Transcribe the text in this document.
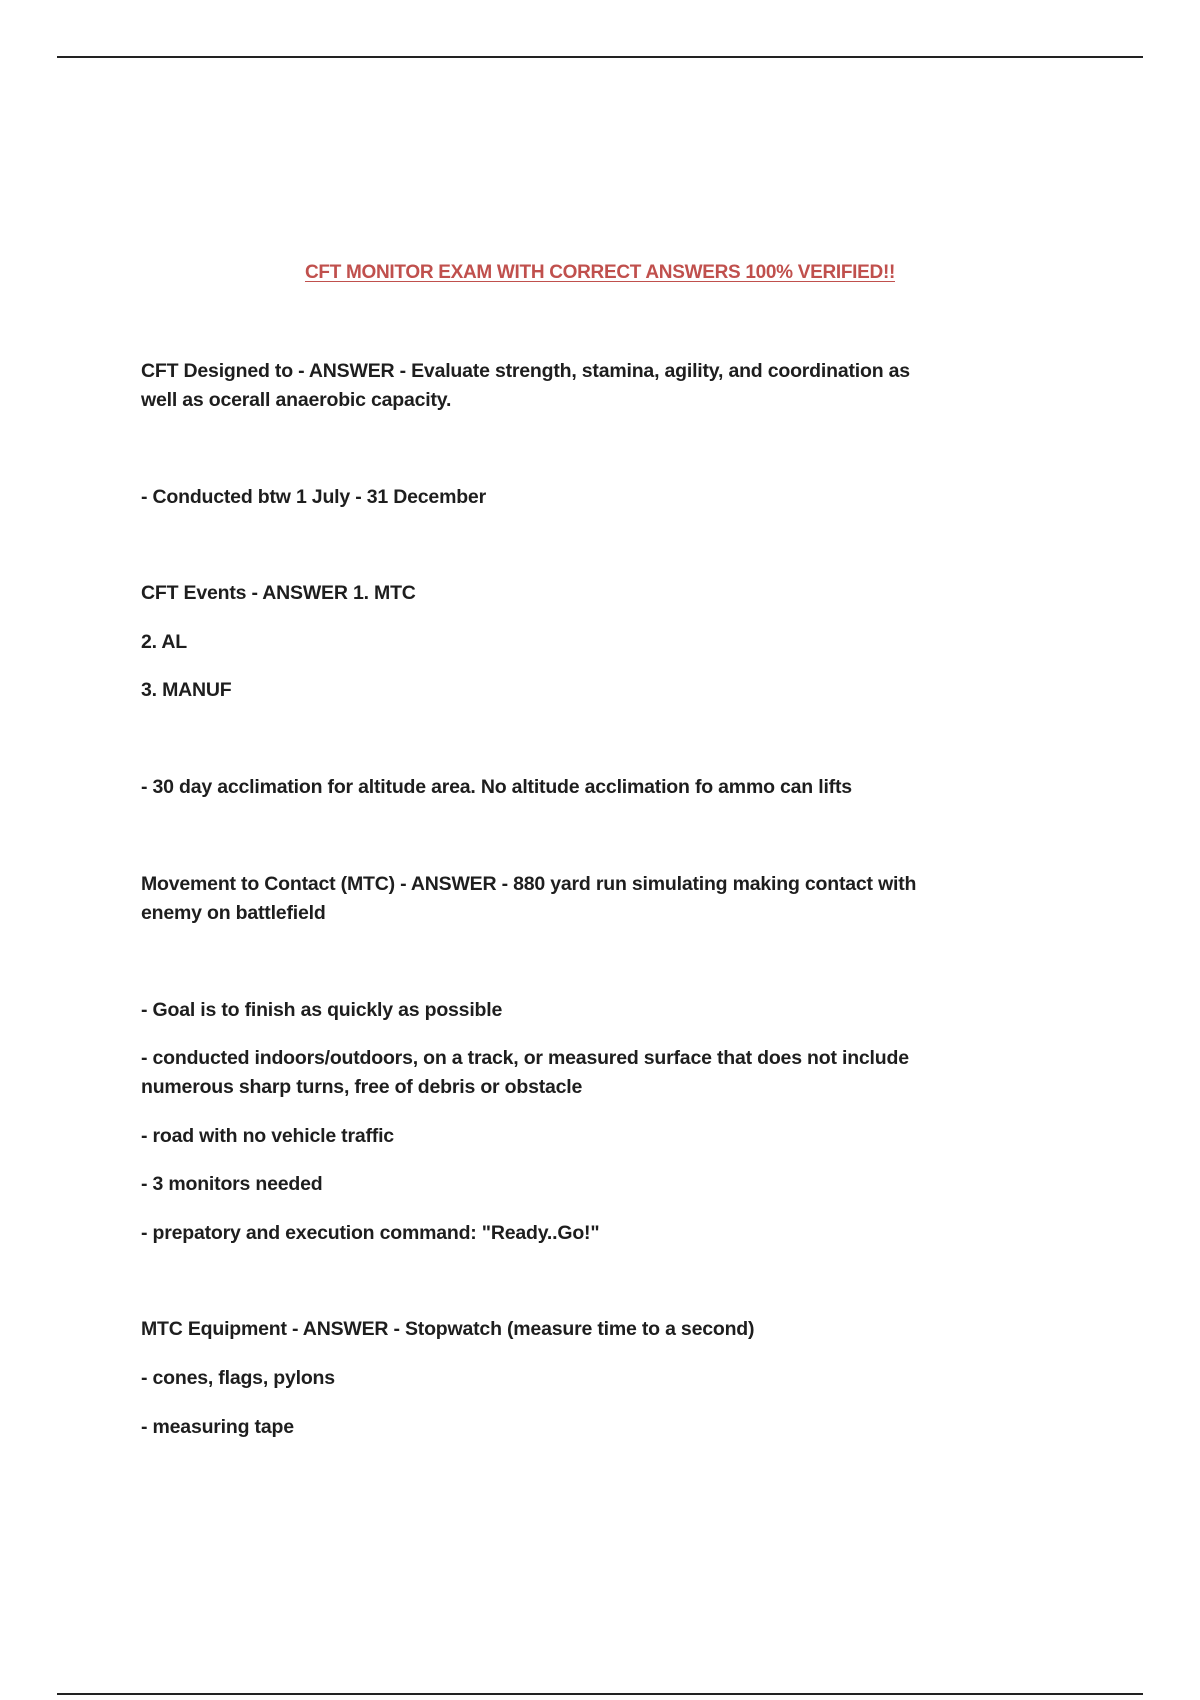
CFT MONITOR EXAM WITH CORRECT ANSWERS 100% VERIFIED!!
CFT Designed to - ANSWER - Evaluate strength, stamina, agility, and coordination as
well as ocerall anaerobic capacity.
- Conducted btw 1 July - 31 December
CFT Events - ANSWER 1. MTC
2. AL
3. MANUF
- 30 day acclimation for altitude area. No altitude acclimation fo ammo can lifts
Movement to Contact (MTC) - ANSWER - 880 yard run simulating making contact with
enemy on battlefield
- Goal is to finish as quickly as possible
- conducted indoors/outdoors, on a track, or measured surface that does not include
numerous sharp turns, free of debris or obstacle
- road with no vehicle traffic
- 3 monitors needed
- prepatory and execution command: "Ready..Go!"
MTC Equipment - ANSWER - Stopwatch (measure time to a second)
- cones, flags, pylons
- measuring tape
